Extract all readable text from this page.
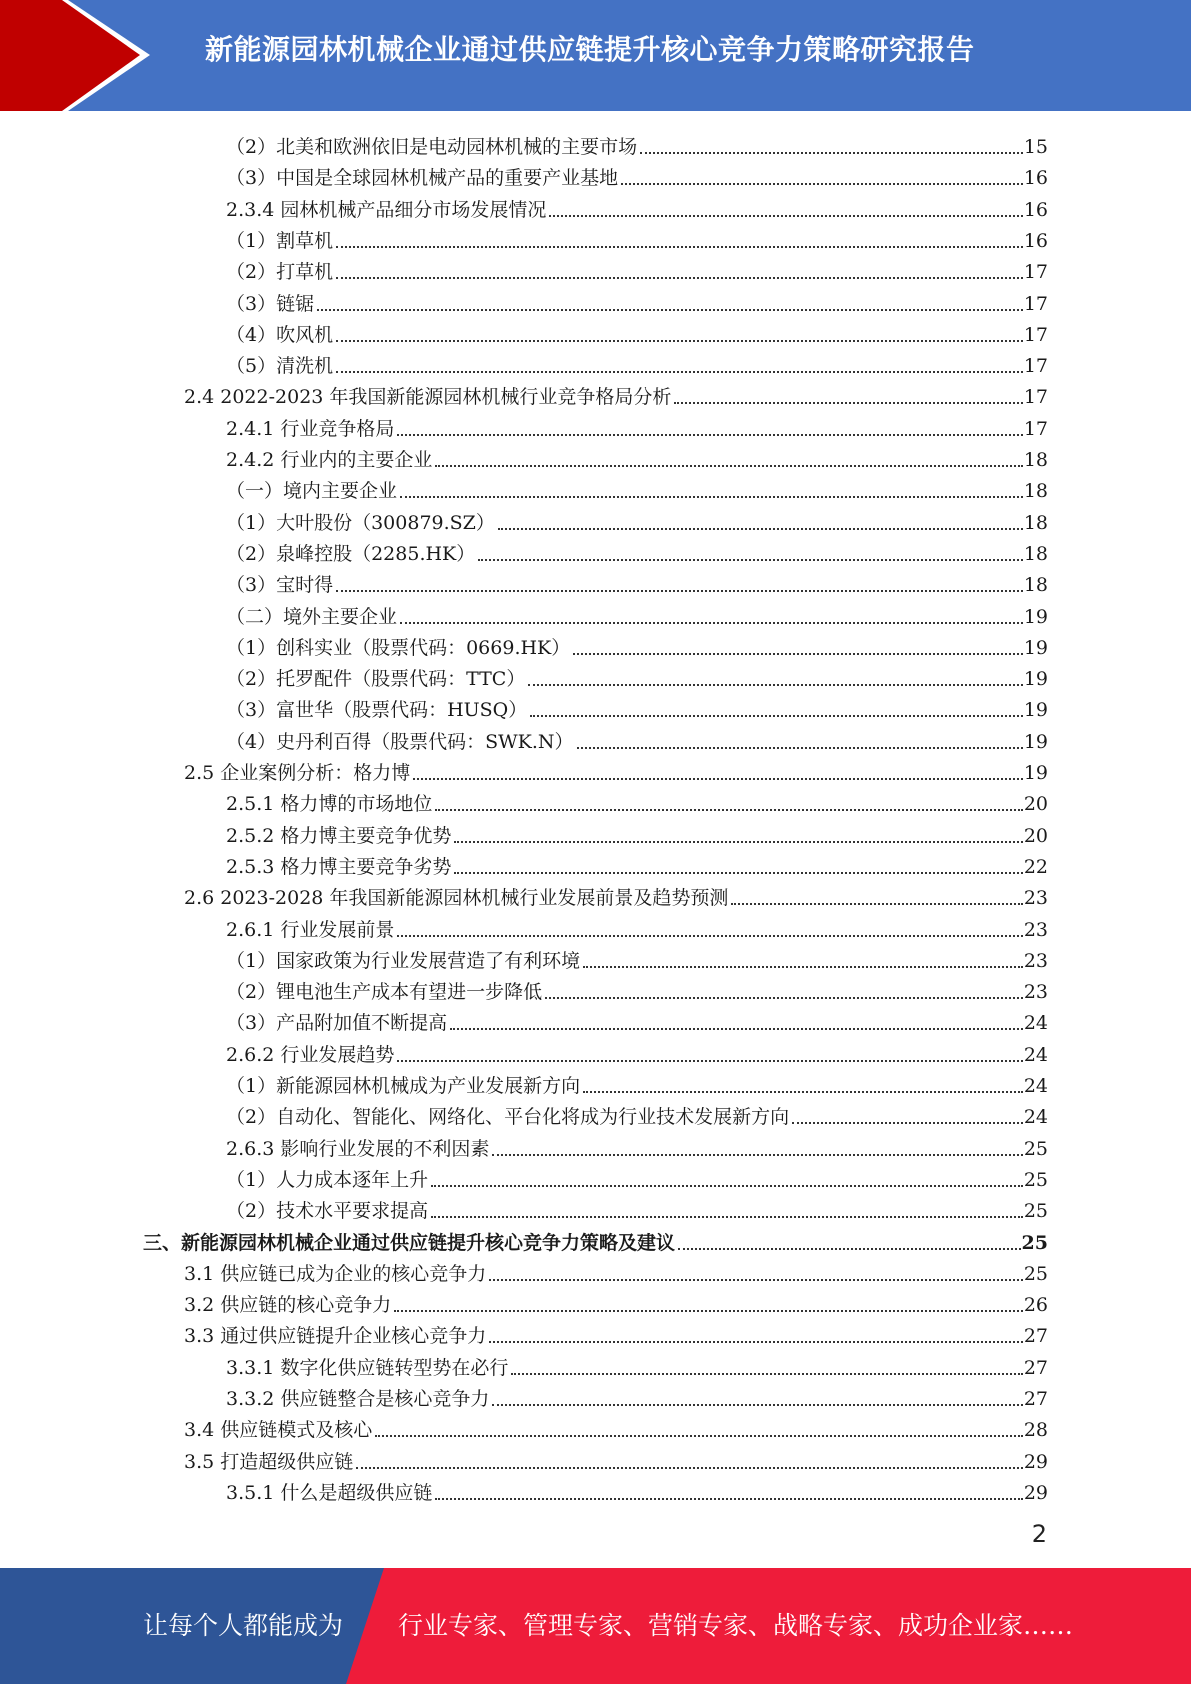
新能源园林机械企业通过供应链提升核心竞争力策略研究报告
（2）北美和欧洲依旧是电动园林机械的主要市场	15
（3）中国是全球园林机械产品的重要产业基地	16
2.3.4 园林机械产品细分市场发展情况	16
（1）割草机	16
（2）打草机	17
（3）链锯	17
（4）吹风机	17
（5）清洗机	17
2.4 2022-2023 年我国新能源园林机械行业竞争格局分析	17
2.4.1 行业竞争格局	17
2.4.2 行业内的主要企业	18
（一）境内主要企业	18
（1）大叶股份（300879.SZ）	18
（2）泉峰控股（2285.HK）	18
（3）宝时得	18
（二）境外主要企业	19
（1）创科实业（股票代码：0669.HK）	19
（2）托罗配件（股票代码：TTC）	19
（3）富世华（股票代码：HUSQ）	19
（4）史丹利百得（股票代码：SWK.N）	19
2.5 企业案例分析：格力博	19
2.5.1 格力博的市场地位	20
2.5.2 格力博主要竞争优势	20
2.5.3 格力博主要竞争劣势	22
2.6 2023-2028 年我国新能源园林机械行业发展前景及趋势预测	23
2.6.1 行业发展前景	23
（1）国家政策为行业发展营造了有利环境	23
（2）锂电池生产成本有望进一步降低	23
（3）产品附加值不断提高	24
2.6.2 行业发展趋势	24
（1）新能源园林机械成为产业发展新方向	24
（2）自动化、智能化、网络化、平台化将成为行业技术发展新方向	24
2.6.3 影响行业发展的不利因素	25
（1）人力成本逐年上升	25
（2）技术水平要求提高	25
三、新能源园林机械企业通过供应链提升核心竞争力策略及建议	25
3.1 供应链已成为企业的核心竞争力	25
3.2 供应链的核心竞争力	26
3.3 通过供应链提升企业核心竞争力	27
3.3.1 数字化供应链转型势在必行	27
3.3.2 供应链整合是核心竞争力	27
3.4 供应链模式及核心	28
3.5 打造超级供应链	29
3.5.1 什么是超级供应链	29
2
让每个人都能成为 行业专家、管理专家、营销专家、战略专家、成功企业家……
